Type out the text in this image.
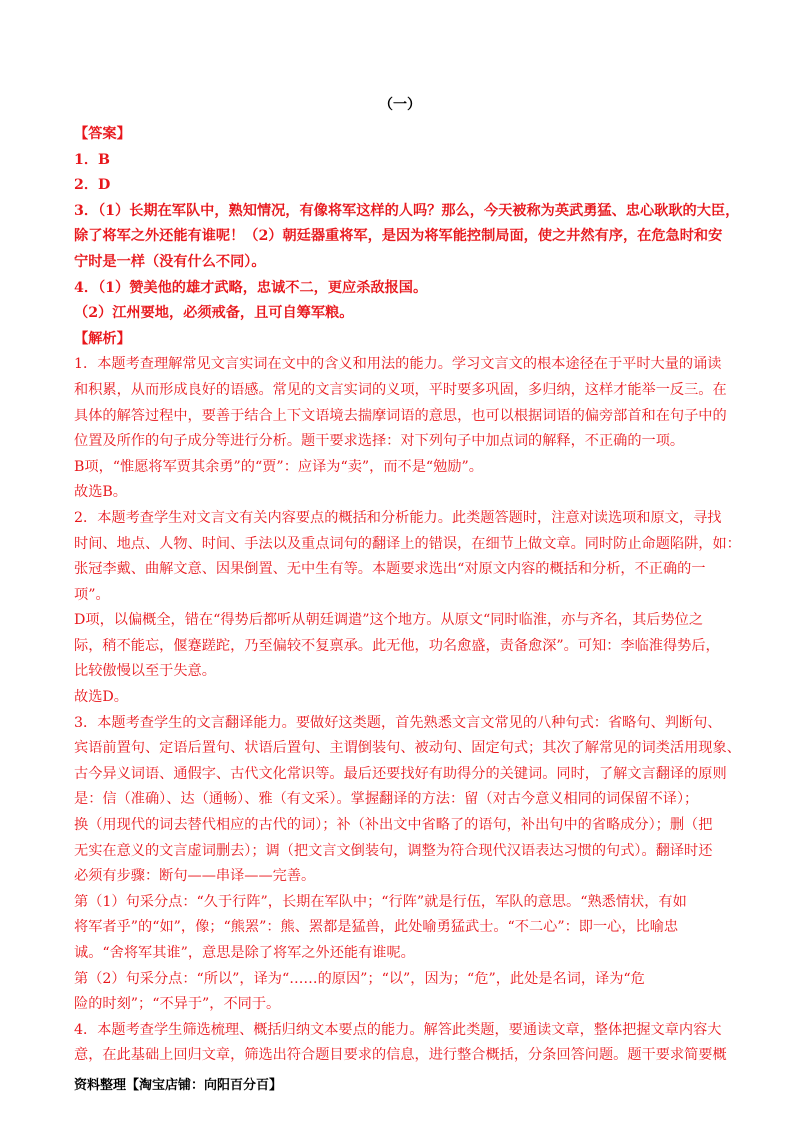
（一）
【答案】
1．B
2．D
3．（1）长期在军队中，熟知情况，有像将军这样的人吗？那么，今天被称为英武勇猛、忠心耿耿的大臣，
除了将军之外还能有谁呢！（2）朝廷器重将军，是因为将军能控制局面，使之井然有序，在危急时和安
宁时是一样（没有什么不同）。
4．（1）赞美他的雄才武略，忠诚不二，更应杀敌报国。
（2）江州要地，必须戒备，且可自筹军粮。
【解析】
1．本题考查理解常见文言实词在文中的含义和用法的能力。学习文言文的根本途径在于平时大量的诵读
和积累，从而形成良好的语感。常见的文言实词的义项，平时要多巩固，多归纳，这样才能举一反三。在
具体的解答过程中，要善于结合上下文语境去揣摩词语的意思，也可以根据词语的偏旁部首和在句子中的
位置及所作的句子成分等进行分析。题干要求选择：对下列句子中加点词的解释，不正确的一项。
B项，“惟愿将军贾其余勇”的“贾”：应译为“卖”，而不是“勉励”。
故选B。
2．本题考查学生对文言文有关内容要点的概括和分析能力。此类题答题时，注意对读选项和原文，寻找
时间、地点、人物、时间、手法以及重点词句的翻译上的错误，在细节上做文章。同时防止命题陷阱，如：
张冠李戴、曲解文意、因果倒置、无中生有等。本题要求选出“对原文内容的概括和分析，不正确的一
项”。
D项，以偏概全，错在“得势后都听从朝廷调遣”这个地方。从原文“同时临淮，亦与齐名，其后势位之
际，稍不能忘，偃蹇蹉跎，乃至偏较不复禀承。此无他，功名愈盛，责备愈深”。可知：李临淮得势后，
比较傲慢以至于失意。
故选D。
3．本题考查学生的文言翻译能力。要做好这类题，首先熟悉文言文常见的八种句式：省略句、判断句、
宾语前置句、定语后置句、状语后置句、主谓倒装句、被动句、固定句式；其次了解常见的词类活用现象、
古今异义词语、通假字、古代文化常识等。最后还要找好有助得分的关键词。同时，了解文言翻译的原则
是：信（准确）、达（通畅）、雅（有文采）。掌握翻译的方法：留（对古今意义相同的词保留不译）；
换（用现代的词去替代相应的古代的词）；补（补出文中省略了的语句，补出句中的省略成分）；删（把
无实在意义的文言虚词删去）；调（把文言文倒装句，调整为符合现代汉语表达习惯的句式）。翻译时还
必须有步骤：断句——串译——完善。
第（1）句采分点：“久于行阵”，长期在军队中；“行阵”就是行伍，军队的意思。“熟悉情状，有如
将军者乎”的“如”，像；“熊罴”：熊、罴都是猛兽，此处喻勇猛武士。“不二心”：即一心，比喻忠
诚。“舍将军其谁”，意思是除了将军之外还能有谁呢。
第（2）句采分点：“所以”，译为“……的原因”；“以”，因为；“危”，此处是名词，译为“危
险的时刻”；“不异于”，不同于。
4．本题考查学生筛选梳理、概括归纳文本要点的能力。解答此类题，要通读文章，整体把握文章内容大
意，在此基础上回归文章，筛选出符合题目要求的信息，进行整合概括，分条回答问题。题干要求简要概
资料整理【淘宝店铺：向阳百分百】
